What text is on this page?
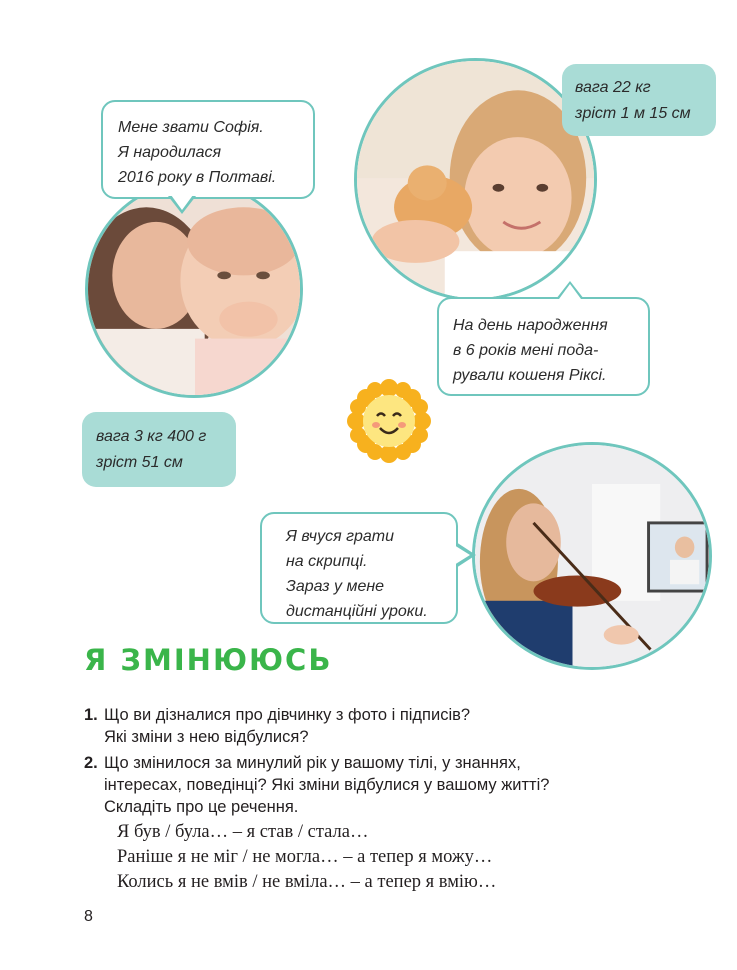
Мене звати Софія.
Я народилася
2016 року в Полтаві.
На день народження
в 6 років мені пода-
рували кошеня Ріксі.
Я вчуся грати
на скрипці.
Зараз у мене
дистанційні уроки.
вага 3 кг 400 г
зріст 51 см
вага 22 кг
зріст 1 м 15 см
Я ЗМІНЮЮСЬ
1. Що ви дізналися про дівчинку з фото і підписів?
Які зміни з нею відбулися?
2. Що змінилося за минулий рік у вашому тілі, у знаннях,
інтересах, поведінці? Які зміни відбулися у вашому житті?
Складіть про це речення.
Я був / була… – я став / стала…
Раніше я не міг / не могла… – а тепер я можу…
Колись я не вмів / не вміла… – а тепер я вмію…
8
